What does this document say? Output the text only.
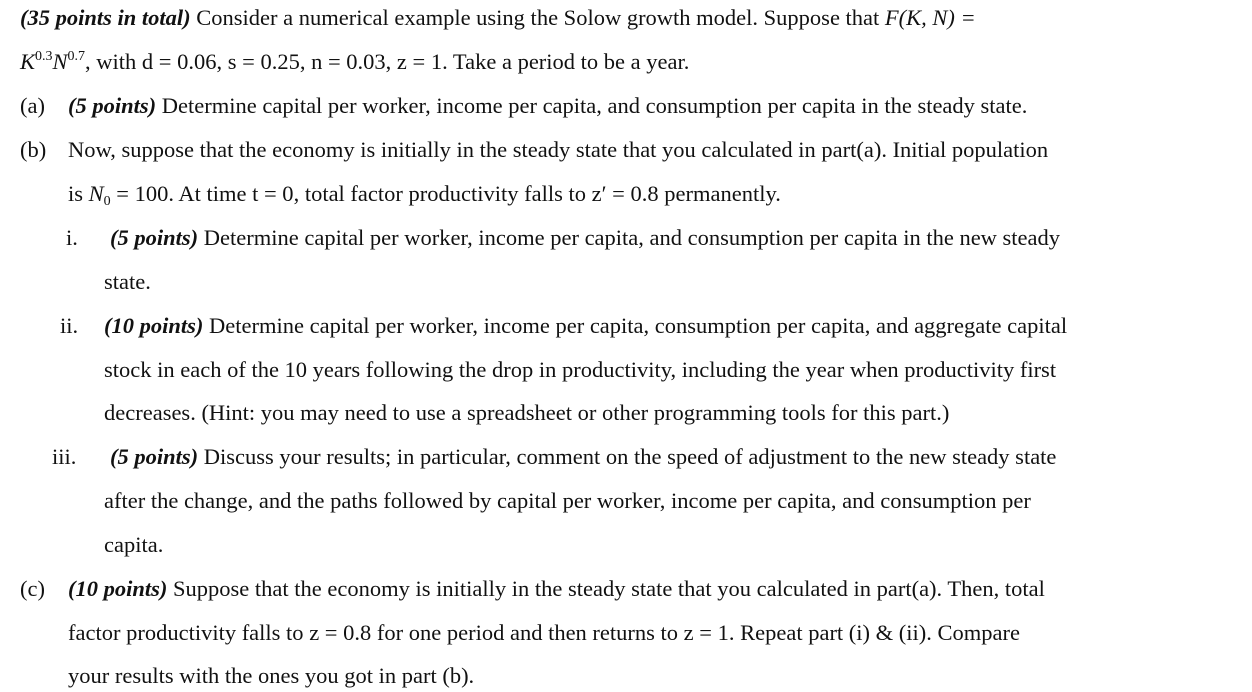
(35 points in total) Consider a numerical example using the Solow growth model. Suppose that F(K, N) =
$K^{0.3}N^{0.7}$, with d = 0.06, s = 0.25, n = 0.03, z = 1. Take a period to be a year.
(a) (5 points) Determine capital per worker, income per capita, and consumption per capita in the steady state.
(b) Now, suppose that the economy is initially in the steady state that you calculated in part(a). Initial population
is $N_0 = 100$. At time t = 0, total factor productivity falls to z′ = 0.8 permanently.
i. (5 points) Determine capital per worker, income per capita, and consumption per capita in the new steady
state.
ii. (10 points) Determine capital per worker, income per capita, consumption per capita, and aggregate capital
stock in each of the 10 years following the drop in productivity, including the year when productivity first
decreases. (Hint: you may need to use a spreadsheet or other programming tools for this part.)
iii. (5 points) Discuss your results; in particular, comment on the speed of adjustment to the new steady state
after the change, and the paths followed by capital per worker, income per capita, and consumption per
capita.
(c) (10 points) Suppose that the economy is initially in the steady state that you calculated in part(a). Then, total
factor productivity falls to z = 0.8 for one period and then returns to z = 1. Repeat part (i) & (ii). Compare
your results with the ones you got in part (b).
